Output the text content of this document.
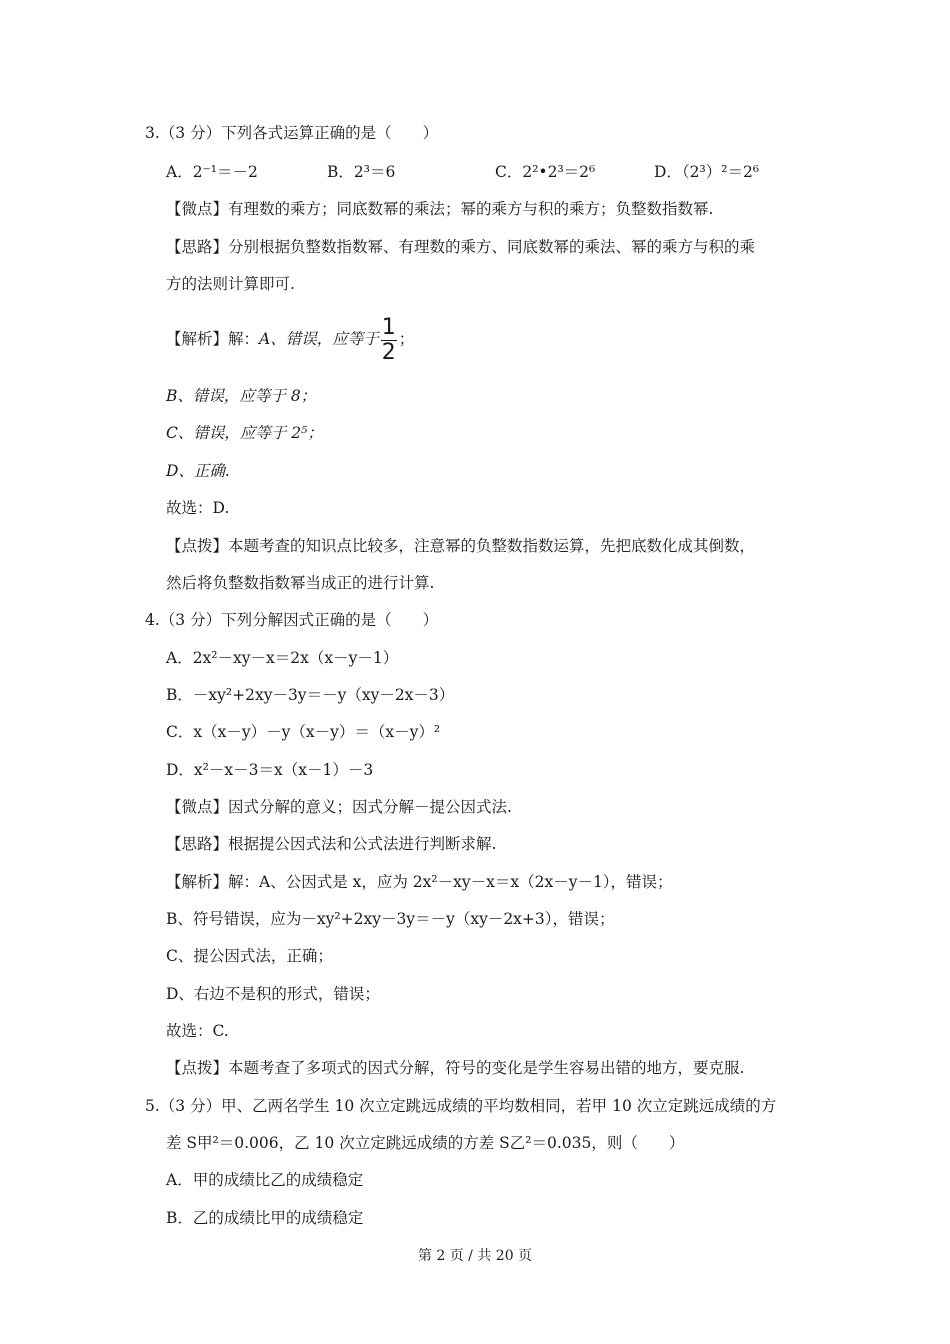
3.（3 分）下列各式运算正确的是（　　）
A．2⁻¹＝－2	B．2³＝6	C．2²•2³＝2⁶	D．（2³）²＝2⁶
【微点】有理数的乘方；同底数幂的乘法；幂的乘方与积的乘方；负整数指数幂.
【思路】分别根据负整数指数幂、有理数的乘方、同底数幂的乘法、幂的乘方与积的乘
方的法则计算即可.
【解析】解：A、错误，应等于 $\frac{1}{2}$ ；
B、错误，应等于 8；
C、错误，应等于 2⁵；
D、正确.
故选：D.
【点拨】本题考查的知识点比较多，注意幂的负整数指数运算，先把底数化成其倒数，
然后将负整数指数幂当成正的进行计算.
4.（3 分）下列分解因式正确的是（　　）
A．2x²－xy－x＝2x（x－y－1）
B．－xy²+2xy－3y＝－y（xy－2x－3）
C．x（x－y）－y（x－y）＝（x－y）²
D．x²－x－3＝x（x－1）－3
【微点】因式分解的意义；因式分解－提公因式法.
【思路】根据提公因式法和公式法进行判断求解.
【解析】解：A、公因式是 x，应为 2x²－xy－x＝x（2x－y－1），错误；
B、符号错误，应为－xy²+2xy－3y＝－y（xy－2x+3），错误；
C、提公因式法，正确；
D、右边不是积的形式，错误；
故选：C.
【点拨】本题考查了多项式的因式分解，符号的变化是学生容易出错的地方，要克服.
5.（3 分）甲、乙两名学生 10 次立定跳远成绩的平均数相同，若甲 10 次立定跳远成绩的方
差 S甲²＝0.006，乙 10 次立定跳远成绩的方差 S乙²＝0.035，则（　　）
A．甲的成绩比乙的成绩稳定
B．乙的成绩比甲的成绩稳定
第 2 页 / 共 20 页
